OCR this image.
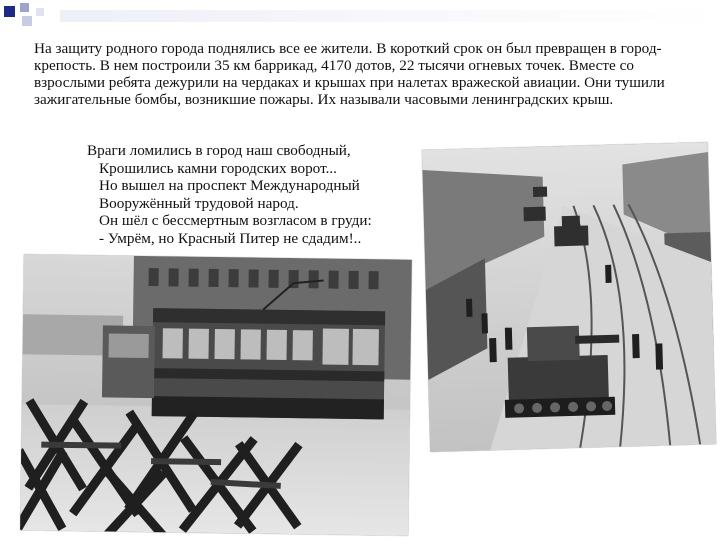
На защиту родного города поднялись все ее жители. В короткий срок он был превращен в город- крепость. В нем построили 35 км баррикад, 4170 дотов, 22 тысячи огневых точек. Вместе со взрослыми ребята дежурили на чердаках и крышах при налетах вражеской авиации. Они тушили зажигательные бомбы, возникшие пожары. Их называли часовыми ленинградских крыш.

Враги ломились в город наш свободный,
Крошились камни городских ворот...
Но вышел на проспект Международный
Вооружённый трудовой народ.
Он шёл с бессмертным возгласом в груди:
- Умрём, но Красный Питер не сдадим!..
